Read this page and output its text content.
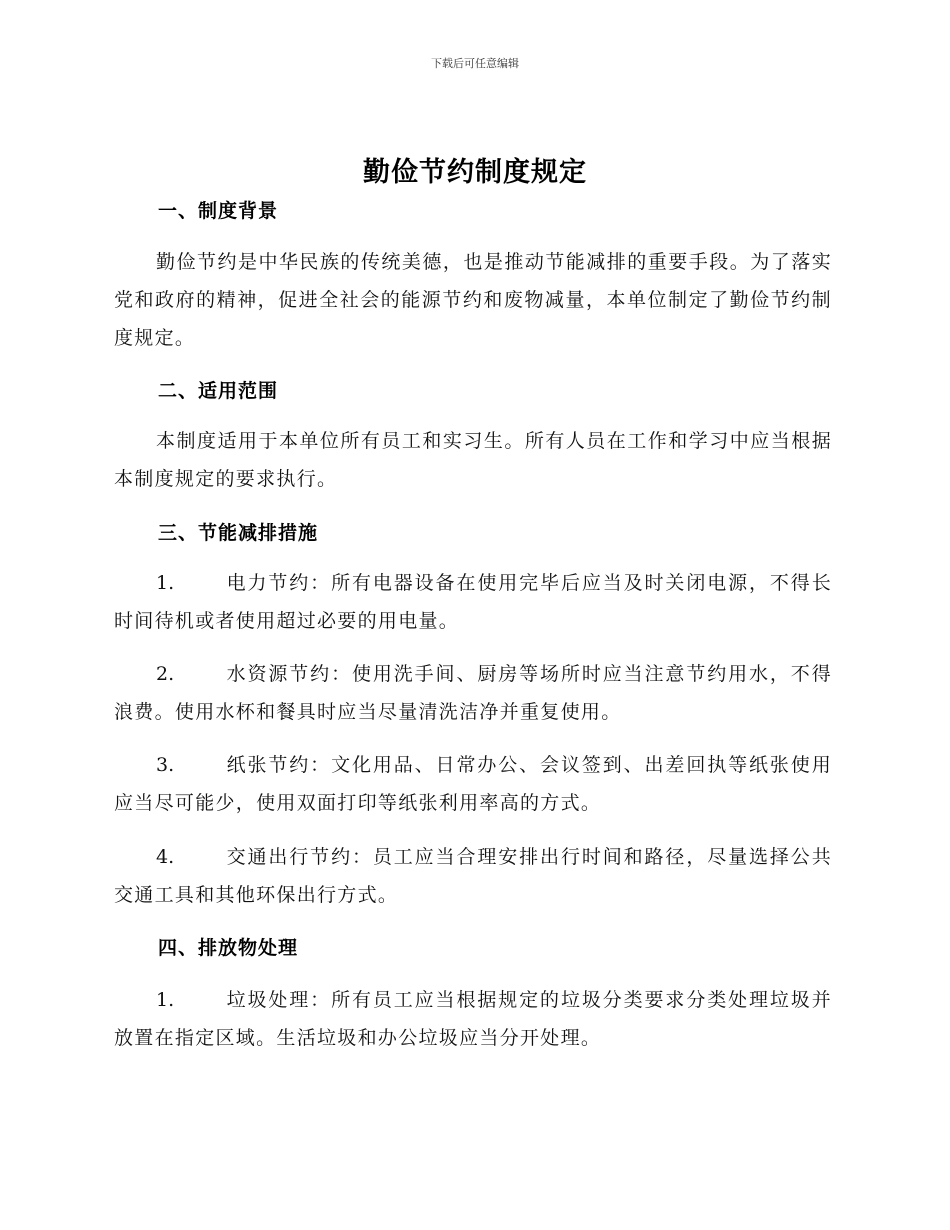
下载后可任意编辑
勤俭节约制度规定
一、制度背景

勤俭节约是中华民族的传统美德，也是推动节能减排的重要手段。为了落实党和政府的精神，促进全社会的能源节约和废物减量，本单位制定了勤俭节约制度规定。

二、适用范围

本制度适用于本单位所有员工和实习生。所有人员在工作和学习中应当根据本制度规定的要求执行。

三、节能减排措施

1.	电力节约：所有电器设备在使用完毕后应当及时关闭电源，不得长时间待机或者使用超过必要的用电量。

2.	水资源节约：使用洗手间、厨房等场所时应当注意节约用水，不得浪费。使用水杯和餐具时应当尽量清洗洁净并重复使用。

3.	纸张节约：文化用品、日常办公、会议签到、出差回执等纸张使用应当尽可能少，使用双面打印等纸张利用率高的方式。

4.	交通出行节约：员工应当合理安排出行时间和路径，尽量选择公共交通工具和其他环保出行方式。

四、排放物处理

1.	垃圾处理：所有员工应当根据规定的垃圾分类要求分类处理垃圾并放置在指定区域。生活垃圾和办公垃圾应当分开处理。
